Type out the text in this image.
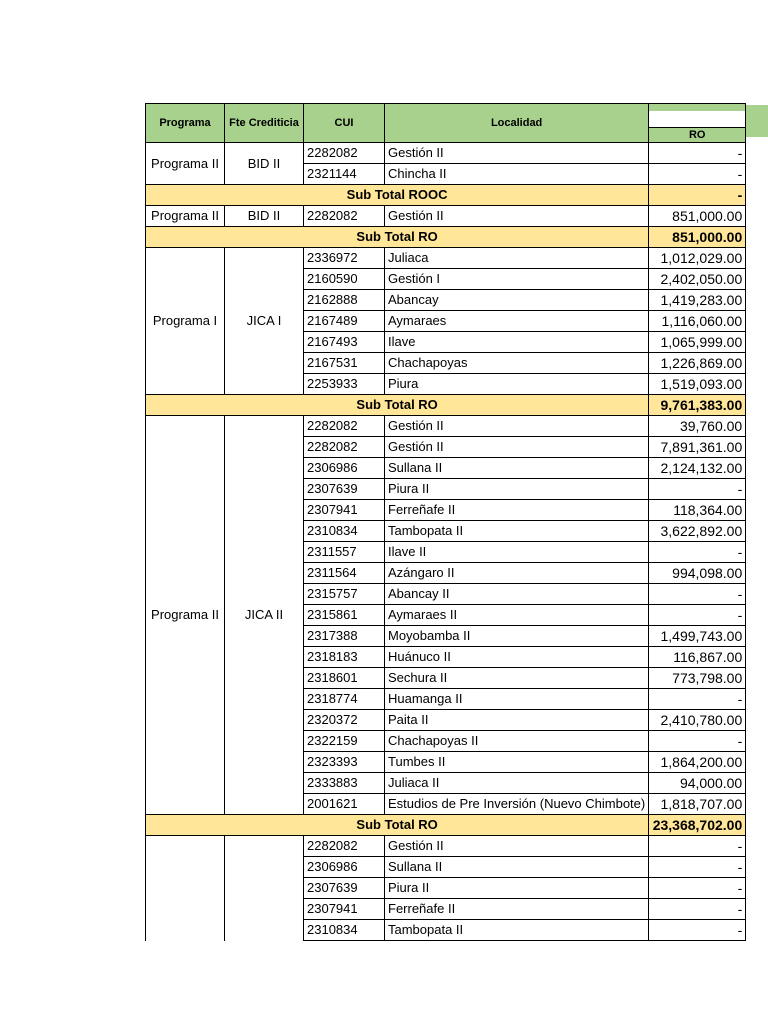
Programa	Fte Crediticia	CUI	Localidad	RO

Programa II	BID II	2282082	Gestión II	-
		2321144	Chincha II	-
Sub Total ROOC				-
Programa II	BID II	2282082	Gestión II	851,000.00
Sub Total RO				851,000.00
Programa I	JICA I	2336972	Juliaca	1,012,029.00
		2160590	Gestión I	2,402,050.00
		2162888	Abancay	1,419,283.00
		2167489	Aymaraes	1,116,060.00
		2167493	Ilave	1,065,999.00
		2167531	Chachapoyas	1,226,869.00
		2253933	Piura	1,519,093.00
Sub Total RO				9,761,383.00
Programa II	JICA II	2282082	Gestión II	39,760.00
		2282082	Gestión II	7,891,361.00
		2306986	Sullana II	2,124,132.00
		2307639	Piura II	-
		2307941	Ferreñafe II	118,364.00
		2310834	Tambopata II	3,622,892.00
		2311557	Ilave II	-
		2311564	Azángaro II	994,098.00
		2315757	Abancay II	-
		2315861	Aymaraes II	-
		2317388	Moyobamba II	1,499,743.00
		2318183	Huánuco II	116,867.00
		2318601	Sechura II	773,798.00
		2318774	Huamanga II	-
		2320372	Paita II	2,410,780.00
		2322159	Chachapoyas II	-
		2323393	Tumbes II	1,864,200.00
		2333883	Juliaca II	94,000.00
		2001621	Estudios de Pre Inversión (Nuevo Chimbote)	1,818,707.00
Sub Total RO				23,368,702.00
		2282082	Gestión II	-
		2306986	Sullana II	-
		2307639	Piura II	-
		2307941	Ferreñafe II	-
		2310834	Tambopata II	-
